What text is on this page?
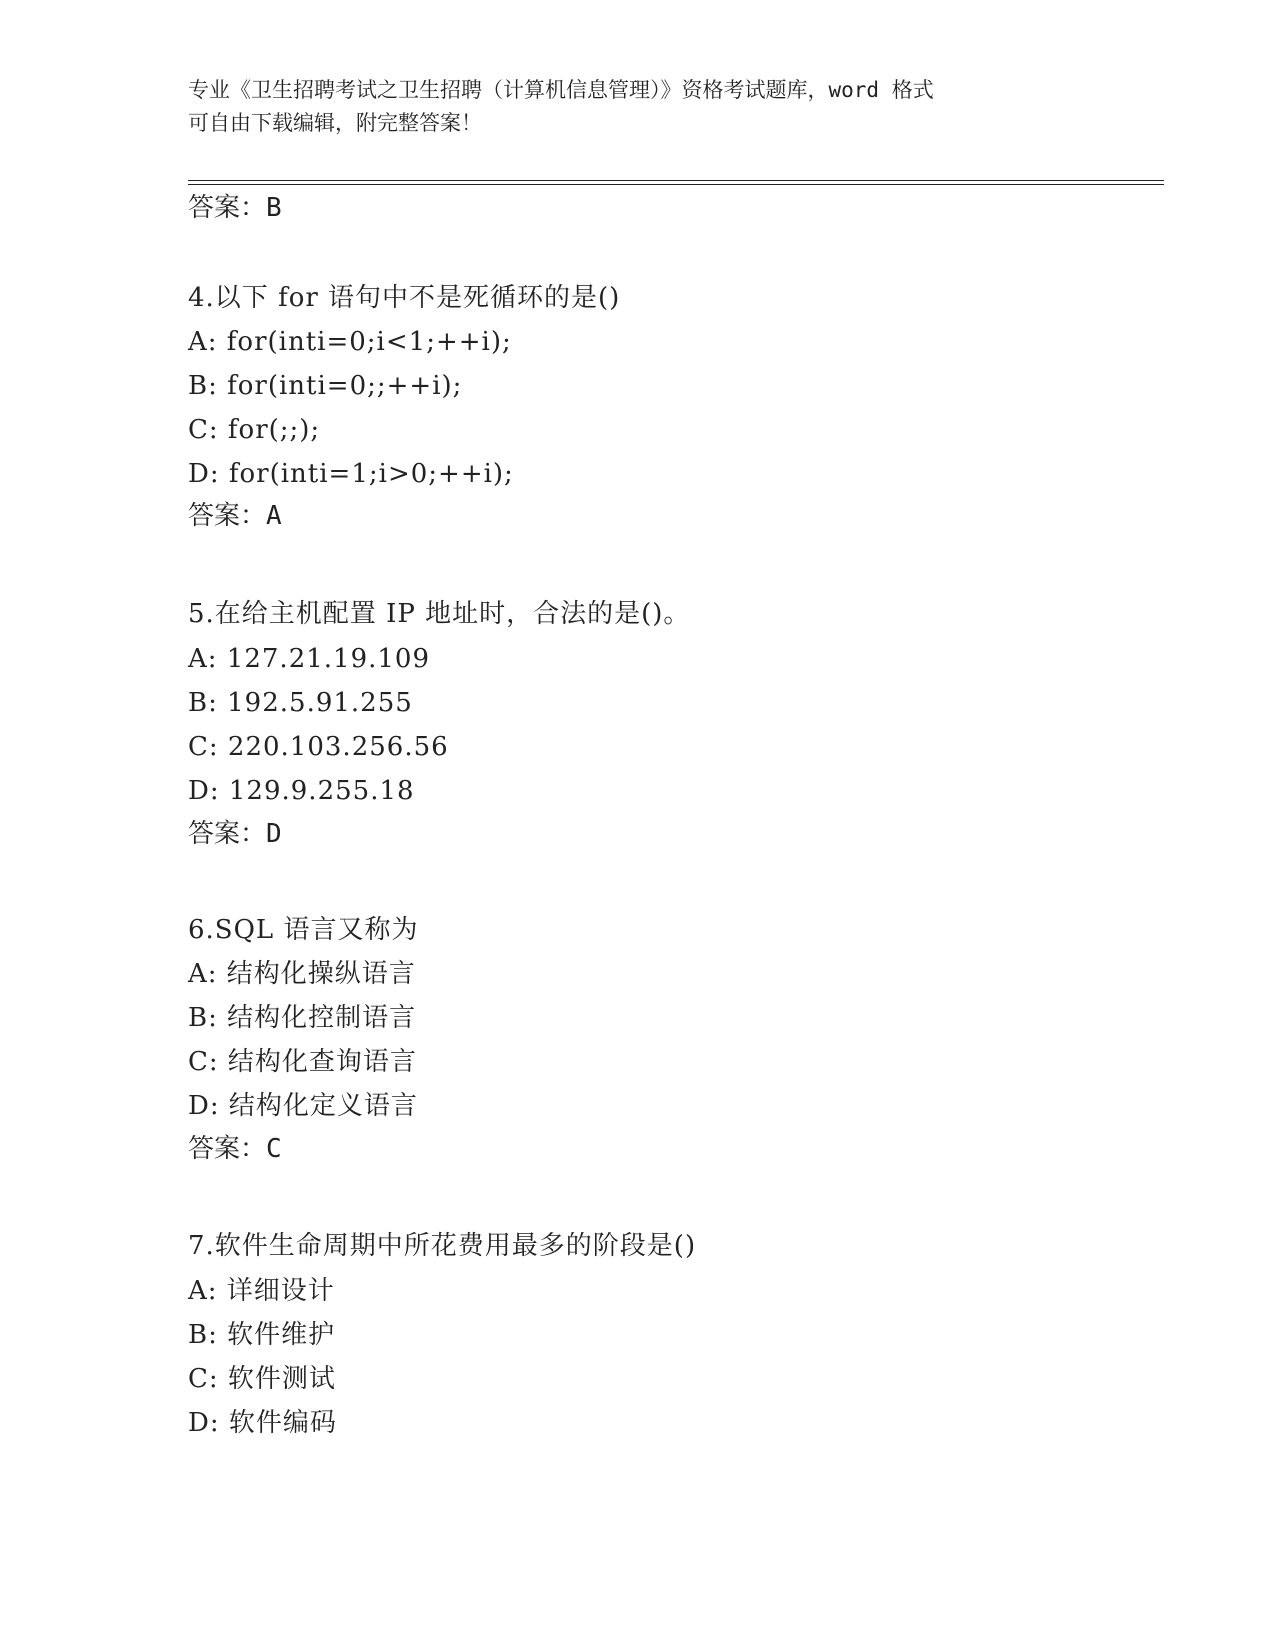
专业《卫生招聘考试之卫生招聘（计算机信息管理）》资格考试题库，word 格式
可自由下载编辑，附完整答案！
答案：B
4.以下 for 语句中不是死循环的是()
A: for(inti=0;i<1;++i);
B: for(inti=0;;++i);
C: for(;;);
D: for(inti=1;i>0;++i);
答案：A
5.在给主机配置 IP 地址时，合法的是()。
A: 127.21.19.109
B: 192.5.91.255
C: 220.103.256.56
D: 129.9.255.18
答案：D
6.SQL 语言又称为
A: 结构化操纵语言
B: 结构化控制语言
C: 结构化查询语言
D: 结构化定义语言
答案：C
7.软件生命周期中所花费用最多的阶段是()
A: 详细设计
B: 软件维护
C: 软件测试
D: 软件编码
